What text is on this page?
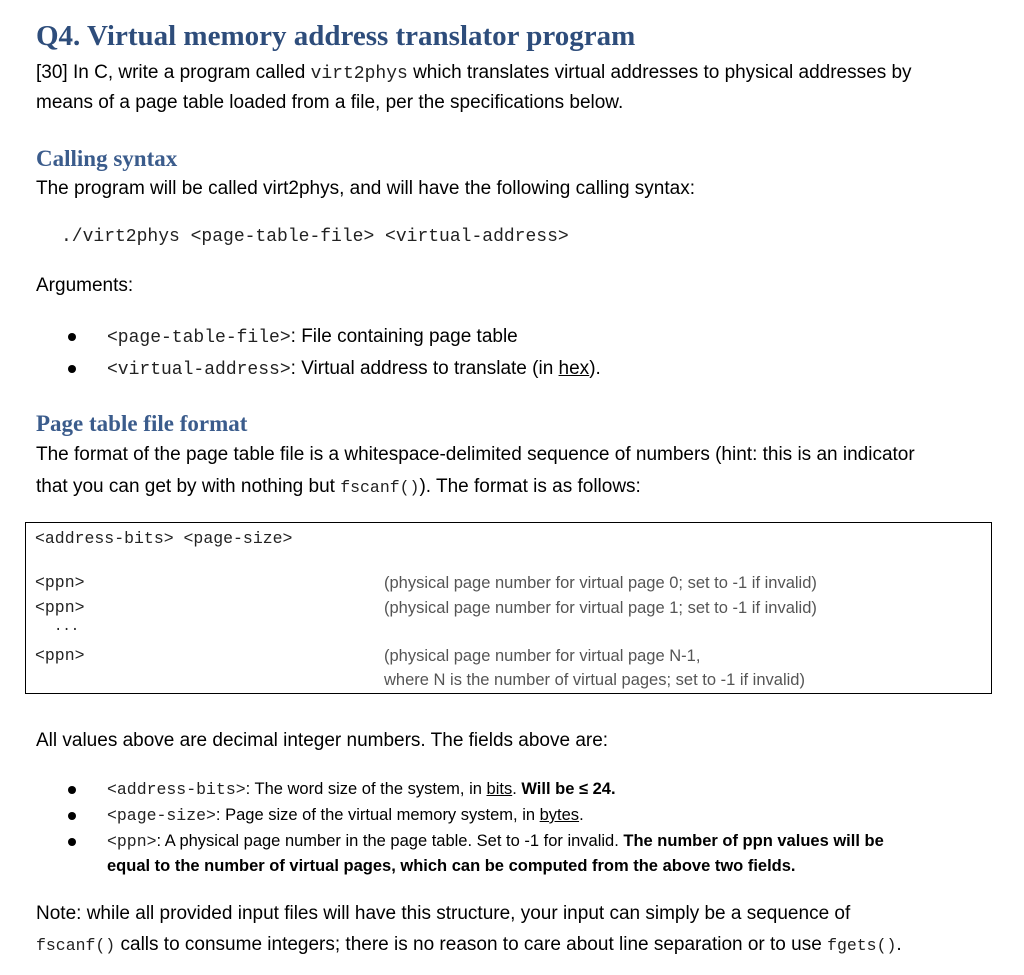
Q4. Virtual memory address translator program

[30] In C, write a program called virt2phys which translates virtual addresses to physical addresses by

means of a page table loaded from a file, per the specifications below.

Calling syntax

The program will be called virt2phys, and will have the following calling syntax:

./virt2phys <page-table-file> <virtual-address>

Arguments:

<page-table-file>: File containing page table
<virtual-address>: Virtual address to translate (in hex).
Page table file format

The format of the page table file is a whitespace-delimited sequence of numbers (hint: this is an indicator

that you can get by with nothing but fscanf()). The format is as follows:

All values above are decimal integer numbers. The fields above are:

<address-bits>: The word size of the system, in bits. Will be ≤ 24.
<page-size>: Page size of the virtual memory system, in bytes.
<ppn>: A physical page number in the page table. Set to -1 for invalid. The number of ppn values will be
equal to the number of virtual pages, which can be computed from the above two fields.

Note: while all provided input files will have this structure, your input can simply be a sequence of

fscanf() calls to consume integers; there is no reason to care about line separation or to use fgets().

<address-bits> <page-size>
<ppn>	(physical page number for virtual page 0; set to -1 if invalid)
<ppn>	(physical page number for virtual page 1; set to -1 if invalid)
...
<ppn>	(physical page number for virtual page N-1,
where N is the number of virtual pages; set to -1 if invalid)
